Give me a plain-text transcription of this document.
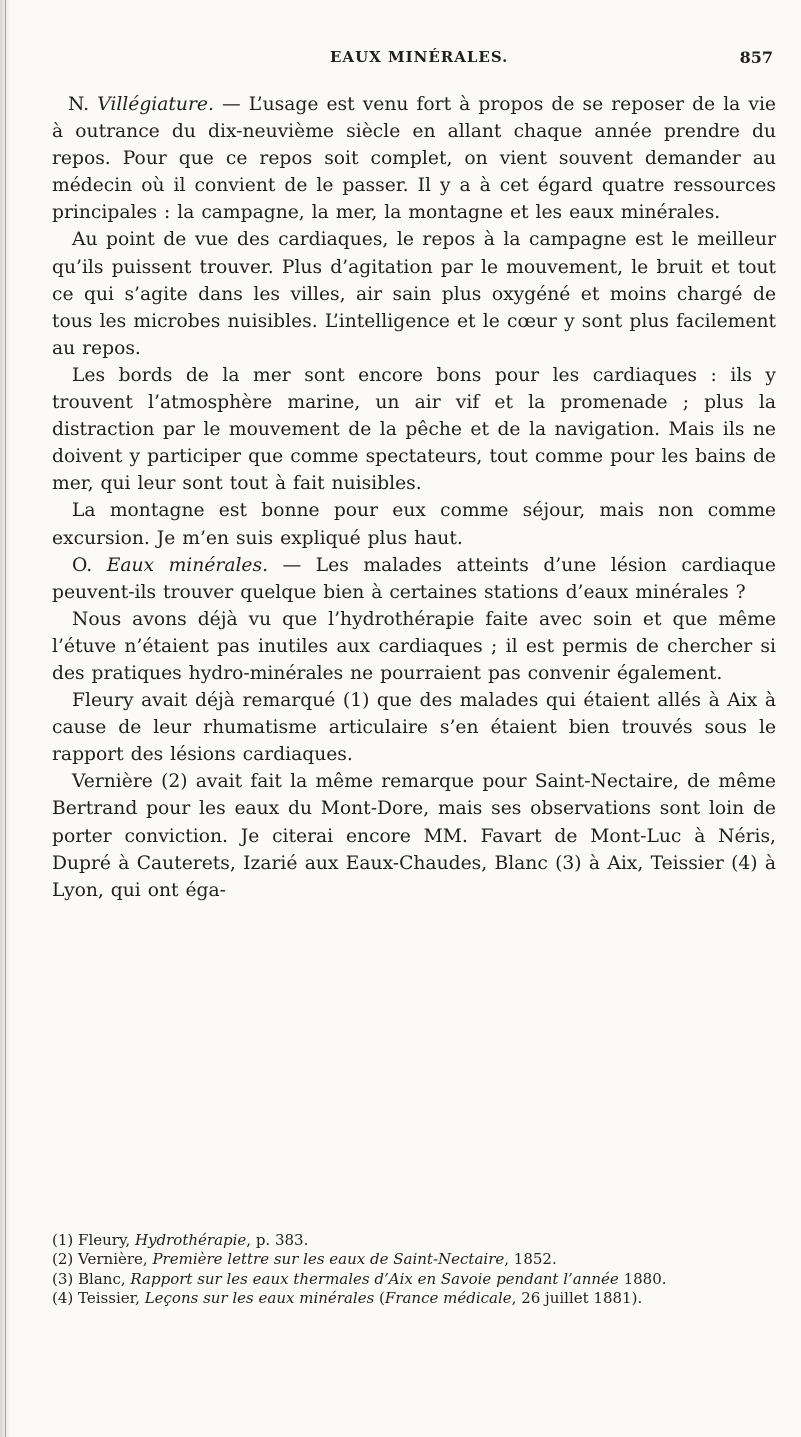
EAUX MINÉRALES.	857

N. Villégiature. — L’usage est venu fort à propos de se reposer de la vie à outrance du dix-neuvième siècle en allant chaque année prendre du repos. Pour que ce repos soit complet, on vient souvent demander au médecin où il convient de le passer. Il y a à cet égard quatre ressources principales : la campagne, la mer, la montagne et les eaux minérales.

Au point de vue des cardiaques, le repos à la campagne est le meilleur qu’ils puissent trouver. Plus d’agitation par le mouvement, le bruit et tout ce qui s’agite dans les villes, air sain plus oxygéné et moins chargé de tous les microbes nuisibles. L’intelligence et le cœur y sont plus facilement au repos.

Les bords de la mer sont encore bons pour les cardiaques : ils y trouvent l’atmosphère marine, un air vif et la promenade ; plus la distraction par le mouvement de la pêche et de la navigation. Mais ils ne doivent y participer que comme spectateurs, tout comme pour les bains de mer, qui leur sont tout à fait nuisibles.

La montagne est bonne pour eux comme séjour, mais non comme excursion. Je m’en suis expliqué plus haut.

O. Eaux minérales. — Les malades atteints d’une lésion cardiaque peuvent-ils trouver quelque bien à certaines stations d’eaux minérales ?

Nous avons déjà vu que l’hydrothérapie faite avec soin et que même l’étuve n’étaient pas inutiles aux cardiaques ; il est permis de chercher si des pratiques hydro-minérales ne pourraient pas convenir également.

Fleury avait déjà remarqué (1) que des malades qui étaient allés à Aix à cause de leur rhumatisme articulaire s’en étaient bien trouvés sous le rapport des lésions cardiaques.

Vernière (2) avait fait la même remarque pour Saint-Nectaire, de même Bertrand pour les eaux du Mont-Dore, mais ses observations sont loin de porter conviction. Je citerai encore MM. Favart de Mont-Luc à Néris, Dupré à Cauterets, Izarié aux Eaux-Chaudes, Blanc (3) à Aix, Teissier (4) à Lyon, qui ont éga-

(1) Fleury, Hydrothérapie, p. 383.

(2) Vernière, Première lettre sur les eaux de Saint-Nectaire, 1852.

(3) Blanc, Rapport sur les eaux thermales d’Aix en Savoie pendant l’année 1880.

(4) Teissier, Leçons sur les eaux minérales (France médicale, 26 juillet 1881).
